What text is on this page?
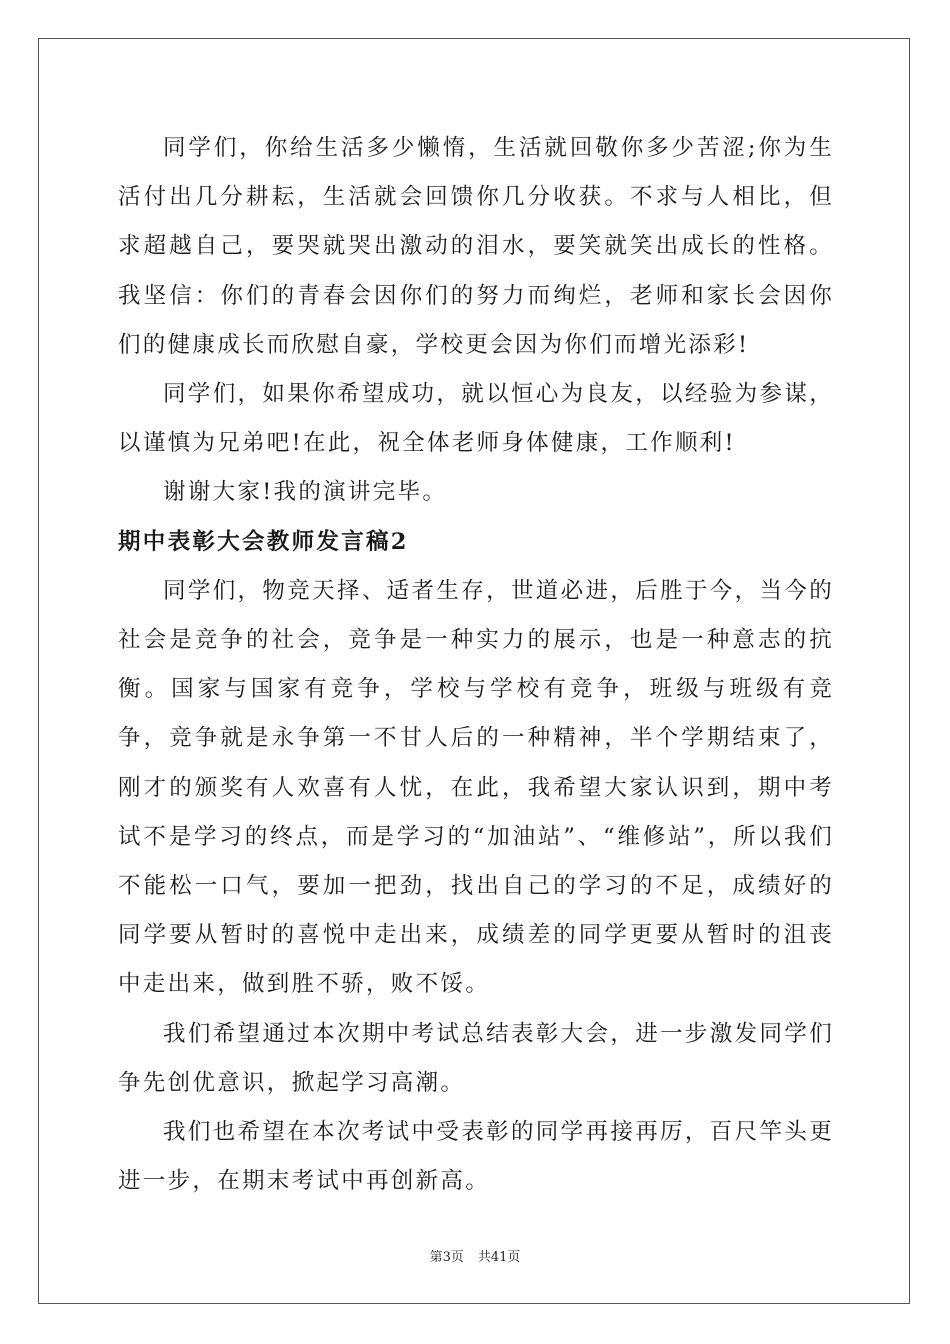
同学们，你给生活多少懒惰，生活就回敬你多少苦涩;你为生活付出几分耕耘，生活就会回馈你几分收获。不求与人相比，但求超越自己，要哭就哭出激动的泪水，要笑就笑出成长的性格。我坚信：你们的青春会因你们的努力而绚烂，老师和家长会因你们的健康成长而欣慰自豪，学校更会因为你们而增光添彩!

同学们，如果你希望成功，就以恒心为良友，以经验为参谋，以谨慎为兄弟吧!在此，祝全体老师身体健康，工作顺利!

谢谢大家!我的演讲完毕。

期中表彰大会教师发言稿2

同学们，物竞天择、适者生存，世道必进，后胜于今，当今的社会是竞争的社会，竞争是一种实力的展示，也是一种意志的抗衡。国家与国家有竞争，学校与学校有竞争，班级与班级有竞争，竞争就是永争第一不甘人后的一种精神，半个学期结束了，刚才的颁奖有人欢喜有人忧，在此，我希望大家认识到，期中考试不是学习的终点，而是学习的“加油站”、“维修站”，所以我们不能松一口气，要加一把劲，找出自己的学习的不足，成绩好的同学要从暂时的喜悦中走出来，成绩差的同学更要从暂时的沮丧中走出来，做到胜不骄，败不馁。

我们希望通过本次期中考试总结表彰大会，进一步激发同学们争先创优意识，掀起学习高潮。

我们也希望在本次考试中受表彰的同学再接再厉，百尺竿头更进一步，在期末考试中再创新高。

第3页 共41页
